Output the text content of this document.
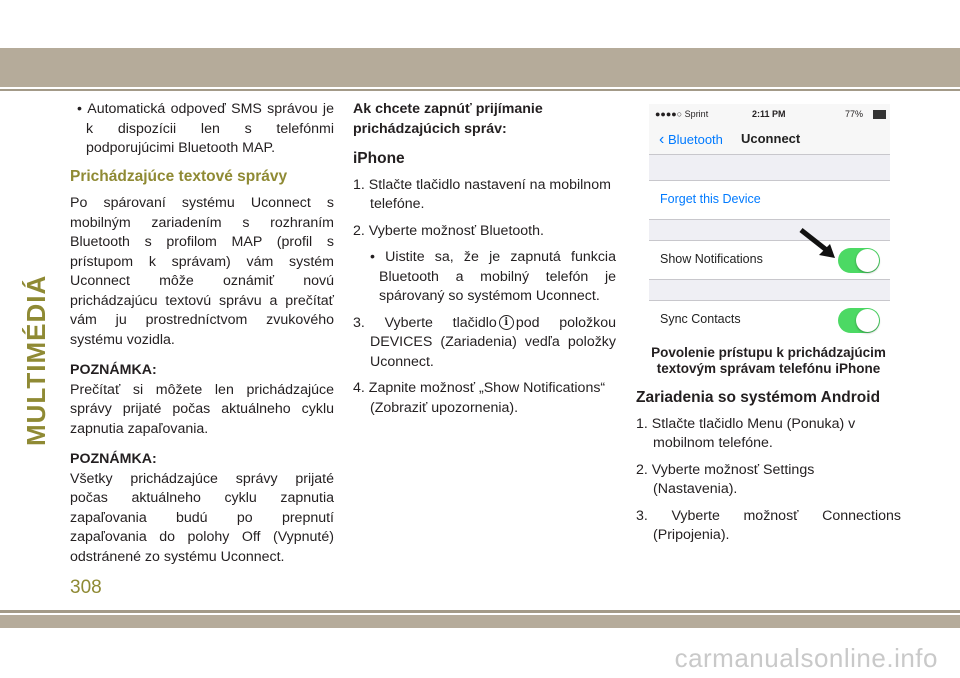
MULTIMÉDIÁ

• Automatická odpoveď SMS správou je k dispozícii len s telefónmi podporujúcimi Bluetooth MAP.

Prichádzajúce textové správy

Po spárovaní systému Uconnect s mobilným zariadením s rozhraním Bluetooth s profilom MAP (profil s prístupom k správam) vám systém Uconnect môže oznámiť novú prichádzajúcu textovú správu a prečítať vám ju prostredníctvom zvukového systému vozidla.

POZNÁMKA:

Prečítať si môžete len prichádzajúce správy prijaté počas aktuálneho cyklu zapnutia zapaľovania.

POZNÁMKA:

Všetky prichádzajúce správy prijaté počas aktuálneho cyklu zapnutia zapaľovania budú po prepnutí zapaľovania do polohy Off (Vypnuté) odstránené zo systému Uconnect.

Ak chcete zapnúť prijímanie prichádzajúcich správ:

iPhone

1. Stlačte tlačidlo nastavení na mobilnom telefóne.

2. Vyberte možnosť Bluetooth.

• Uistite sa, že je zapnutá funkcia Bluetooth a mobilný telefón je spárovaný so systémom Uconnect.

3. Vyberte tlačidlo i pod položkou DEVICES (Zariadenia) vedľa položky Uconnect.

4. Zapnite možnosť „Show Notifications“ (Zobraziť upozornenia).

●●●●○ Sprint	2:11 PM	77%
‹ Bluetooth Uconnect
Forget this Device
Show Notifications
Sync Contacts
Povolenie prístupu k prichádzajúcim textovým správam telefónu iPhone

Zariadenia so systémom Android

1. Stlačte tlačidlo Menu (Ponuka) v mobilnom telefóne.

2. Vyberte možnosť Settings (Nastavenia).

3. Vyberte možnosť Connections (Pripojenia).

308
carmanualsonline.info
